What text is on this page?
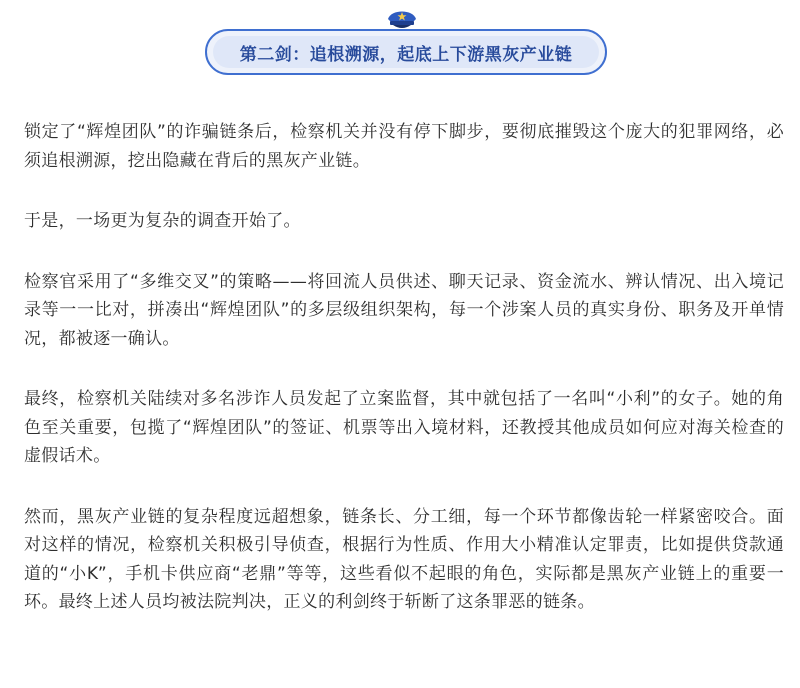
第二剑：追根溯源，起底上下游黑灰产业链

锁定了“辉煌团队”的诈骗链条后，检察机关并没有停下脚步，要彻底摧毁这个庞大的犯罪网络，必须追根溯源，挖出隐藏在背后的黑灰产业链。

于是，一场更为复杂的调查开始了。

检察官采用了“多维交叉”的策略——将回流人员供述、聊天记录、资金流水、辨认情况、出入境记录等一一比对，拼凑出“辉煌团队”的多层级组织架构，每一个涉案人员的真实身份、职务及开单情况，都被逐一确认。

最终，检察机关陆续对多名涉诈人员发起了立案监督，其中就包括了一名叫“小利”的女子。她的角色至关重要，包揽了“辉煌团队”的签证、机票等出入境材料，还教授其他成员如何应对海关检查的虚假话术。

然而，黑灰产业链的复杂程度远超想象，链条长、分工细，每一个环节都像齿轮一样紧密咬合。面对这样的情况，检察机关积极引导侦查，根据行为性质、作用大小精准认定罪责，比如提供贷款通道的“小K”，手机卡供应商“老鼎”等等，这些看似不起眼的角色，实际都是黑灰产业链上的重要一环。最终上述人员均被法院判决，正义的利剑终于斩断了这条罪恶的链条。
